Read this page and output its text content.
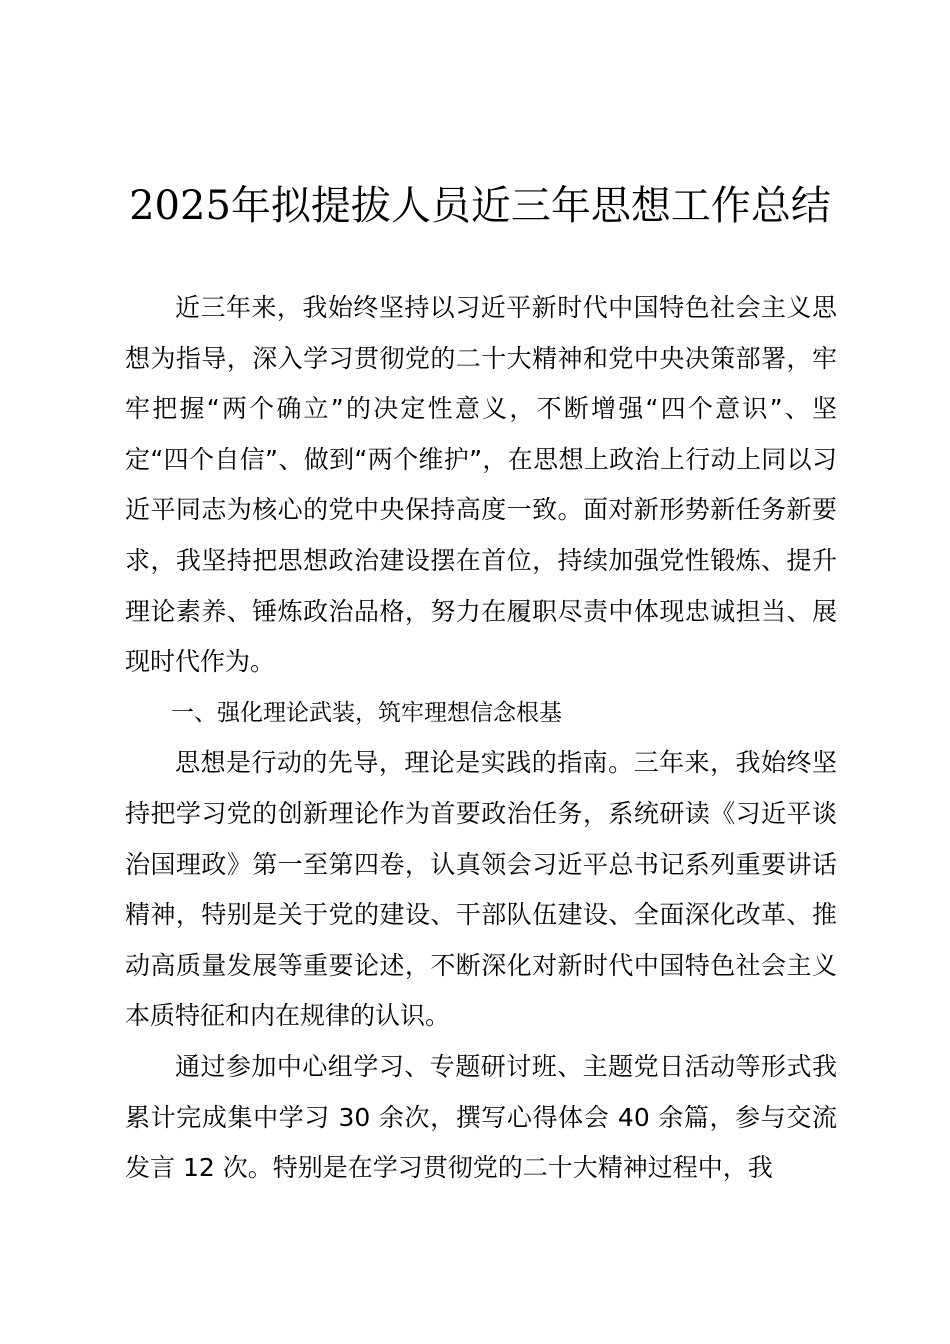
2025年拟提拔人员近三年思想工作总结

近三年来，我始终坚持以习近平新时代中国特色社会主义思想为指导，深入学习贯彻党的二十大精神和党中央决策部署，牢牢把握“两个确立”的决定性意义，不断增强“四个意识”、坚定“四个自信”、做到“两个维护”，在思想上政治上行动上同以习近平同志为核心的党中央保持高度一致。面对新形势新任务新要求，我坚持把思想政治建设摆在首位，持续加强党性锻炼、提升理论素养、锤炼政治品格，努力在履职尽责中体现忠诚担当、展现时代作为。

一、强化理论武装，筑牢理想信念根基

思想是行动的先导，理论是实践的指南。三年来，我始终坚持把学习党的创新理论作为首要政治任务，系统研读《习近平谈治国理政》第一至第四卷，认真领会习近平总书记系列重要讲话精神，特别是关于党的建设、干部队伍建设、全面深化改革、推动高质量发展等重要论述，不断深化对新时代中国特色社会主义本质特征和内在规律的认识。

通过参加中心组学习、专题研讨班、主题党日活动等形式我累计完成集中学习 30 余次，撰写心得体会 40 余篇，参与交流发言 12 次。特别是在学习贯彻党的二十大精神过程中，我
